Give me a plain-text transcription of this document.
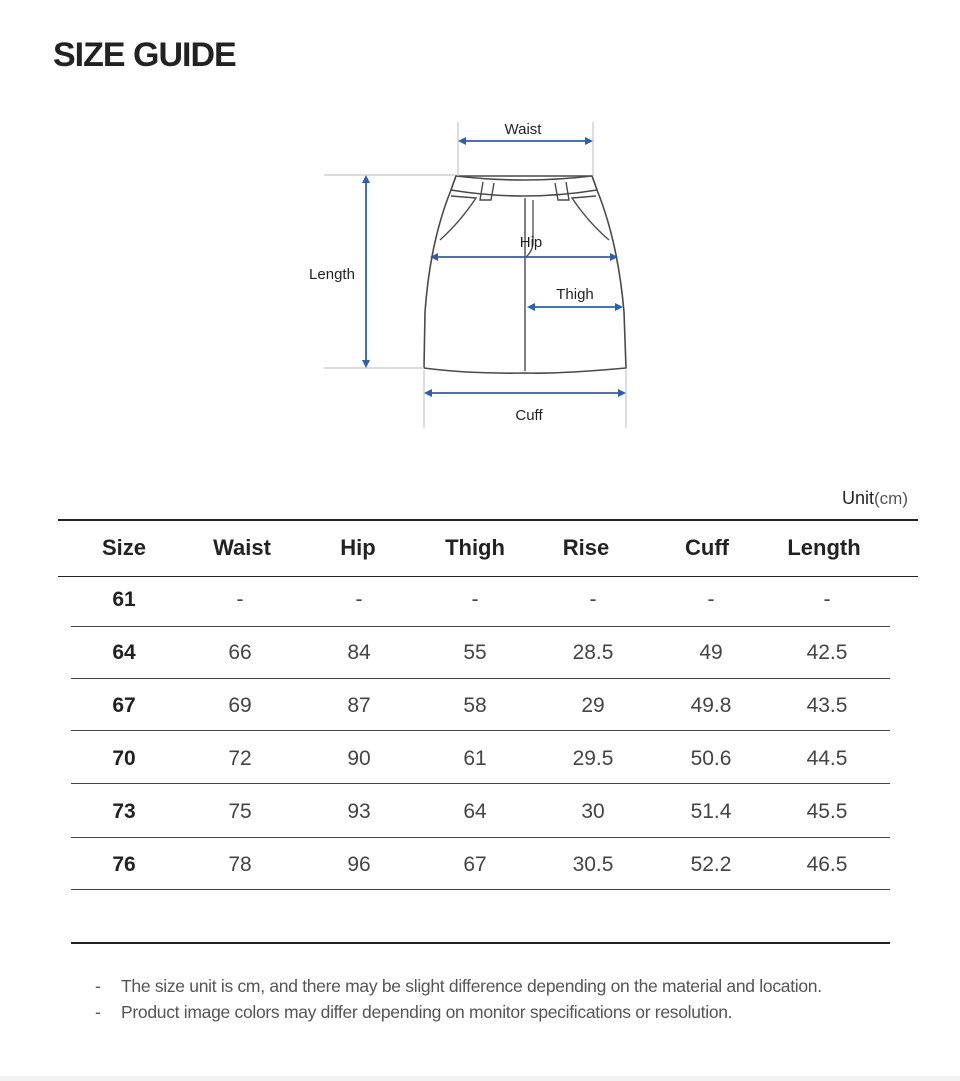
SIZE GUIDE
Waist
Hip
Thigh
Length
Cuff
Unit(cm)
Size	Waist	Hip	Thigh	Rise	Cuff	Length
61	-	-	-	-	-	-
64	66	84	55	28.5	49	42.5
67	69	87	58	29	49.8	43.5
70	72	90	61	29.5	50.6	44.5
73	75	93	64	30	51.4	45.5
76	78	96	67	30.5	52.2	46.5
- The size unit is cm, and there may be slight difference depending on the material and location.
- Product image colors may differ depending on monitor specifications or resolution.
